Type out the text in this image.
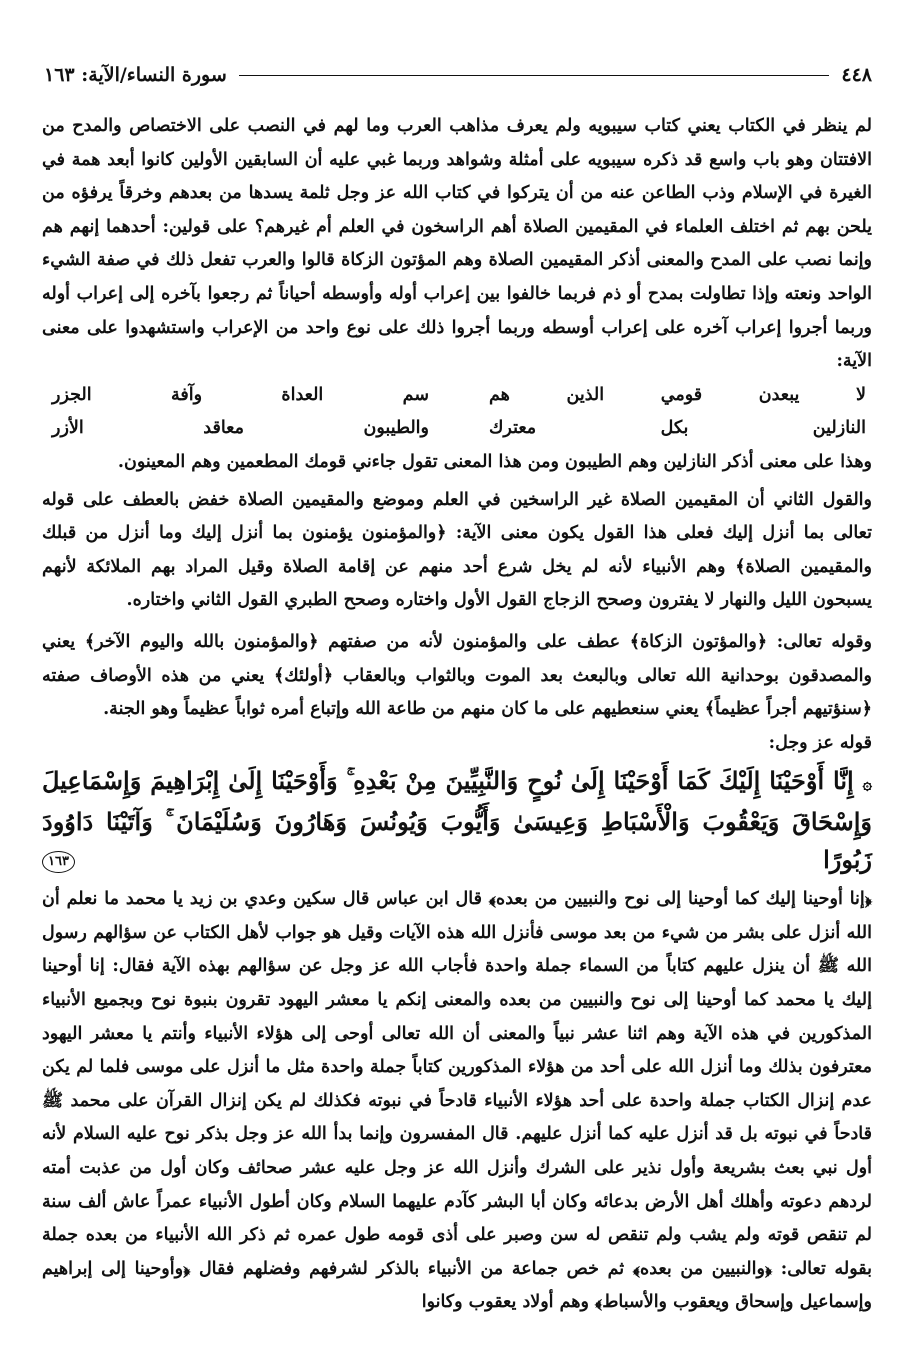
٤٤٨
سورة النساء/الآية: ١٦٣

لم ينظر في الكتاب يعني كتاب سيبويه ولم يعرف مذاهب العرب وما لهم في النصب على الاختصاص والمدح من الافتتان وهو باب واسع قد ذكره سيبويه على أمثلة وشواهد وربما غبي عليه أن السابقين الأولين كانوا أبعد همة في الغيرة في الإسلام وذب الطاعن عنه من أن يتركوا في كتاب الله عز وجل ثلمة يسدها من بعدهم وخرقاً يرفؤه من يلحن بهم ثم اختلف العلماء في المقيمين الصلاة أهم الراسخون في العلم أم غيرهم؟ على قولين: أحدهما إنهم هم وإنما نصب على المدح والمعنى أذكر المقيمين الصلاة وهم المؤتون الزكاة قالوا والعرب تفعل ذلك في صفة الشيء الواحد ونعته وإذا تطاولت بمدح أو ذم فربما خالفوا بين إعراب أوله وأوسطه أحياناً ثم رجعوا بآخره إلى إعراب أوله وربما أجروا إعراب آخره على إعراب أوسطه وربما أجروا ذلك على نوع واحد من الإعراب واستشهدوا على معنى الآية:

لا يبعدن قومي الذين هم
سم العداة وآفة الجزر
النازلين بكل معترك
والطيبون معاقد الأزر

وهذا على معنى أذكر النازلين وهم الطيبون ومن هذا المعنى تقول جاءني قومك المطعمين وهم المعينون.

والقول الثاني أن المقيمين الصلاة غير الراسخين في العلم وموضع والمقيمين الصلاة خفض بالعطف على قوله تعالى بما أنزل إليك فعلى هذا القول يكون معنى الآية: ﴿والمؤمنون يؤمنون بما أنزل إليك وما أنزل من قبلك والمقيمين الصلاة﴾ وهم الأنبياء لأنه لم يخل شرع أحد منهم عن إقامة الصلاة وقيل المراد بهم الملائكة لأنهم يسبحون الليل والنهار لا يفترون وصحح الزجاج القول الأول واختاره وصحح الطبري القول الثاني واختاره.

وقوله تعالى: ﴿والمؤتون الزكاة﴾ عطف على والمؤمنون لأنه من صفتهم ﴿والمؤمنون بالله واليوم الآخر﴾ يعني والمصدقون بوحدانية الله تعالى وبالبعث بعد الموت وبالثواب وبالعقاب ﴿أولئك﴾ يعني من هذه الأوصاف صفته ﴿سنؤتيهم أجراً عظيماً﴾ يعني سنعطيهم على ما كان منهم من طاعة الله وإتباع أمره ثواباً عظيماً وهو الجنة.

قوله عز وجل:

۞ إِنَّا أَوْحَيْنَا إِلَيْكَ كَمَا أَوْحَيْنَا إِلَىٰ نُوحٍ وَالنَّبِيِّينَ مِنْ بَعْدِهِ ۚ وَأَوْحَيْنَا إِلَىٰ إِبْرَاهِيمَ وَإِسْمَاعِيلَ
وَإِسْحَاقَ وَيَعْقُوبَ وَالْأَسْبَاطِ وَعِيسَىٰ وَأَيُّوبَ وَيُونُسَ وَهَارُونَ وَسُلَيْمَانَ ۚ وَآتَيْنَا دَاوُودَ زَبُورًا ١٦٣

﴿إنا أوحينا إليك كما أوحينا إلى نوح والنبيين من بعده﴾ قال ابن عباس قال سكين وعدي بن زيد يا محمد ما نعلم أن الله أنزل على بشر من شيء من بعد موسى فأنزل الله هذه الآيات وقيل هو جواب لأهل الكتاب عن سؤالهم رسول الله ﷺ أن ينزل عليهم كتاباً من السماء جملة واحدة فأجاب الله عز وجل عن سؤالهم بهذه الآية فقال: إنا أوحينا إليك يا محمد كما أوحينا إلى نوح والنبيين من بعده والمعنى إنكم يا معشر اليهود تقرون بنبوة نوح وبجميع الأنبياء المذكورين في هذه الآية وهم اثنا عشر نبياً والمعنى أن الله تعالى أوحى إلى هؤلاء الأنبياء وأنتم يا معشر اليهود معترفون بذلك وما أنزل الله على أحد من هؤلاء المذكورين كتاباً جملة واحدة مثل ما أنزل على موسى فلما لم يكن عدم إنزال الكتاب جملة واحدة على أحد هؤلاء الأنبياء قادحاً في نبوته فكذلك لم يكن إنزال القرآن على محمد ﷺ قادحاً في نبوته بل قد أنزل عليه كما أنزل عليهم. قال المفسرون وإنما بدأ الله عز وجل بذكر نوح عليه السلام لأنه أول نبي بعث بشريعة وأول نذير على الشرك وأنزل الله عز وجل عليه عشر صحائف وكان أول من عذبت أمته لردهم دعوته وأهلك أهل الأرض بدعائه وكان أبا البشر كآدم عليهما السلام وكان أطول الأنبياء عمراً عاش ألف سنة لم تنقص قوته ولم يشب ولم تنقص له سن وصبر على أذى قومه طول عمره ثم ذكر الله الأنبياء من بعده جملة بقوله تعالى: ﴿والنبيين من بعده﴾ ثم خص جماعة من الأنبياء بالذكر لشرفهم وفضلهم فقال ﴿وأوحينا إلى إبراهيم وإسماعيل وإسحاق ويعقوب والأسباط﴾ وهم أولاد يعقوب وكانوا
